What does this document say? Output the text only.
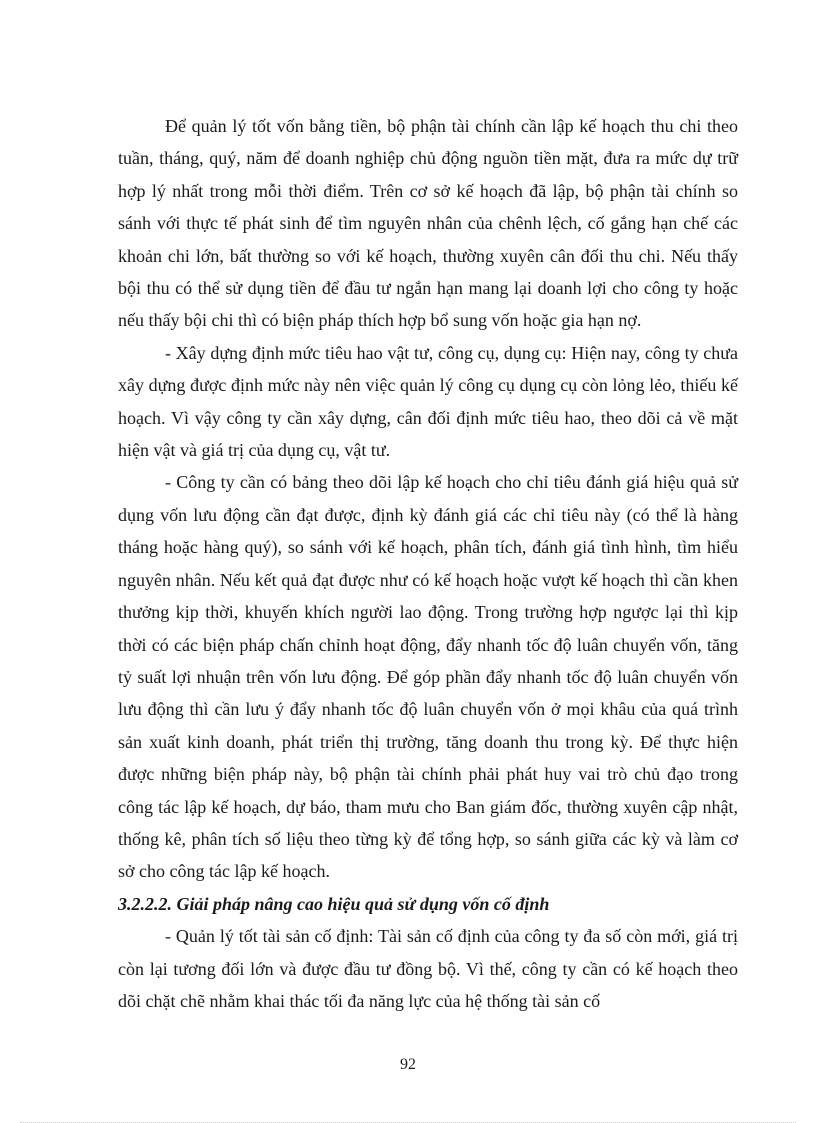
Để quản lý tốt vốn bằng tiền, bộ phận tài chính cần lập kế hoạch thu chi theo tuần, tháng, quý, năm để doanh nghiệp chủ động nguồn tiền mặt, đưa ra mức dự trữ hợp lý nhất trong mỗi thời điểm. Trên cơ sở kế hoạch đã lập, bộ phận tài chính so sánh với thực tế phát sinh để tìm nguyên nhân của chênh lệch, cố gắng hạn chế các khoản chi lớn, bất thường so với kế hoạch, thường xuyên cân đối thu chi. Nếu thấy bội thu có thể sử dụng tiền để đầu tư ngắn hạn mang lại doanh lợi cho công ty hoặc nếu thấy bội chi thì có biện pháp thích hợp bổ sung vốn hoặc gia hạn nợ.

- Xây dựng định mức tiêu hao vật tư, công cụ, dụng cụ: Hiện nay, công ty chưa xây dựng được định mức này nên việc quản lý công cụ dụng cụ còn lỏng lẻo, thiếu kế hoạch. Vì vậy công ty cần xây dựng, cân đối định mức tiêu hao, theo dõi cả về mặt hiện vật và giá trị của dụng cụ, vật tư.

- Công ty cần có bảng theo dõi lập kế hoạch cho chỉ tiêu đánh giá hiệu quả sử dụng vốn lưu động cần đạt được, định kỳ đánh giá các chỉ tiêu này (có thể là hàng tháng hoặc hàng quý), so sánh với kế hoạch, phân tích, đánh giá tình hình, tìm hiểu nguyên nhân. Nếu kết quả đạt được như có kế hoạch hoặc vượt kế hoạch thì cần khen thưởng kịp thời, khuyến khích người lao động. Trong trường hợp ngược lại thì kịp thời có các biện pháp chấn chỉnh hoạt động, đẩy nhanh tốc độ luân chuyển vốn, tăng tỷ suất lợi nhuận trên vốn lưu động. Để góp phần đẩy nhanh tốc độ luân chuyển vốn lưu động thì cần lưu ý đẩy nhanh tốc độ luân chuyển vốn ở mọi khâu của quá trình sản xuất kinh doanh, phát triển thị trường, tăng doanh thu trong kỳ. Để thực hiện được những biện pháp này, bộ phận tài chính phải phát huy vai trò chủ đạo trong công tác lập kế hoạch, dự báo, tham mưu cho Ban giám đốc, thường xuyên cập nhật, thống kê, phân tích số liệu theo từng kỳ để tổng hợp, so sánh giữa các kỳ và làm cơ sở cho công tác lập kế hoạch.

3.2.2.2. Giải pháp nâng cao hiệu quả sử dụng vốn cố định

- Quản lý tốt tài sản cố định: Tài sản cố định của công ty đa số còn mới, giá trị còn lại tương đối lớn và được đầu tư đồng bộ. Vì thế, công ty cần có kế hoạch theo dõi chặt chẽ nhằm khai thác tối đa năng lực của hệ thống tài sản cố

92
